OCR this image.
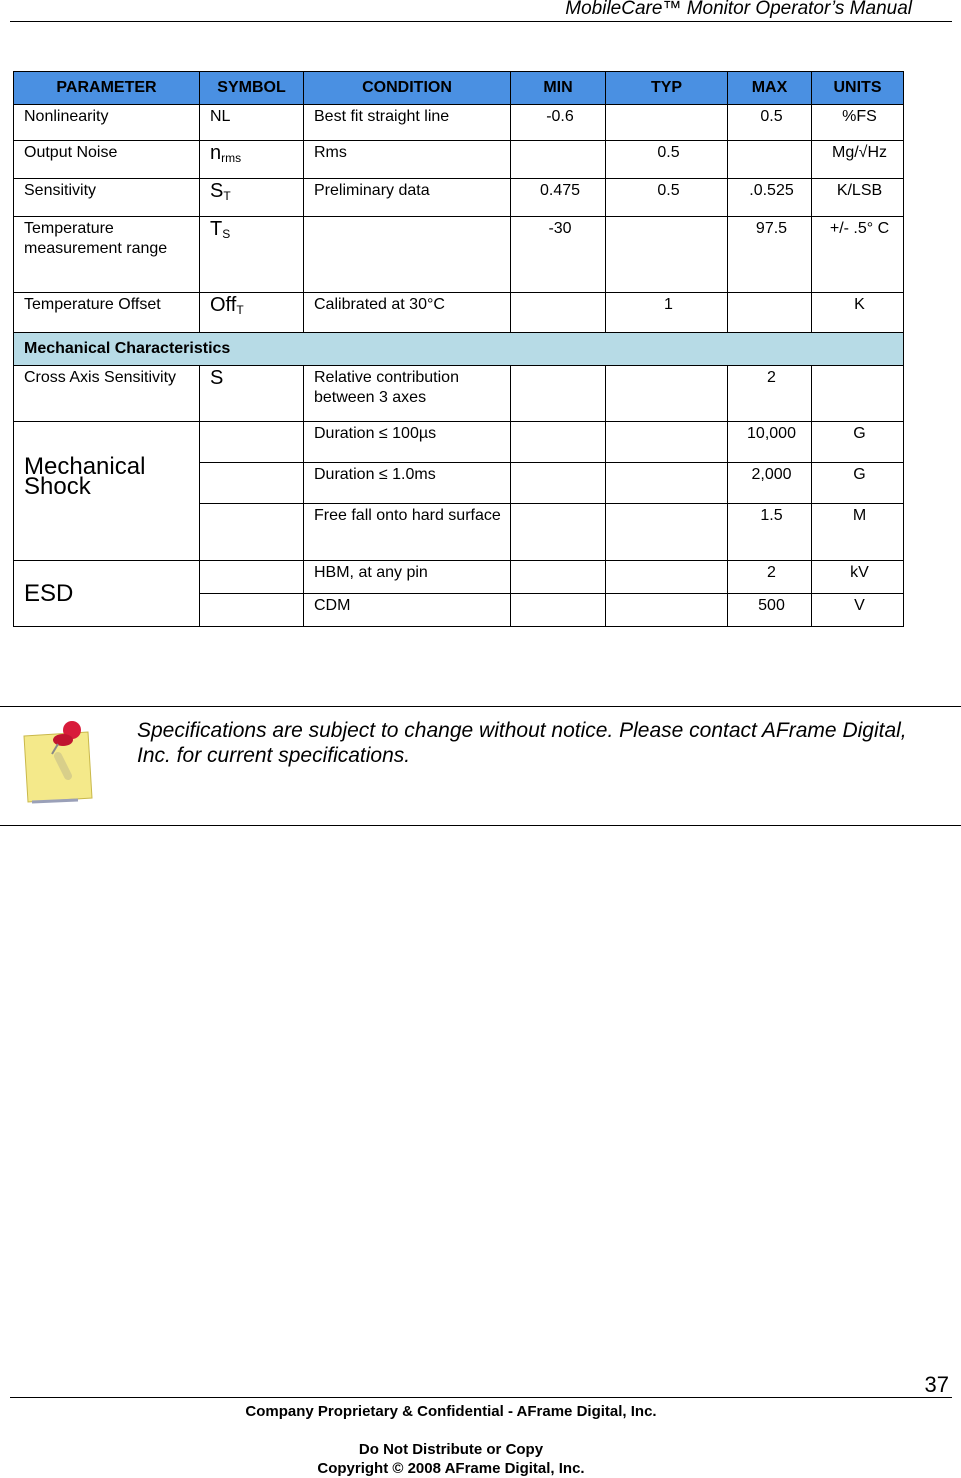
MobileCare™ Monitor Operator’s Manual
PARAMETER	SYMBOL	CONDITION	MIN	TYP	MAX	UNITS
Nonlinearity	NL	Best fit straight line	-0.6		0.5	%FS
Output Noise	$n_{rms}$	Rms		0.5		Mg/√Hz
Sensitivity	$S_T$	Preliminary data	0.475	0.5	.0.525	K/LSB
Temperature measurement range	$T_S$		-30		97.5	+/- .5° C
Temperature Offset	Off$_T$	Calibrated at 30°C		1		K
Mechanical Characteristics						
Cross Axis Sensitivity	S	Relative contribution between 3 axes			2	
Mechanical Shock		Duration ≤ 100µs			10,000	G
		Duration ≤ 1.0ms			2,000	G
		Free fall onto hard surface			1.5	M
ESD		HBM, at any pin			2	kV
		CDM			500	V
Specifications are subject to change without notice. Please contact AFrame Digital, Inc. for current specifications.
37
Company Proprietary & Confidential - AFrame Digital, Inc.
Do Not Distribute or Copy
Copyright © 2008 AFrame Digital, Inc.
